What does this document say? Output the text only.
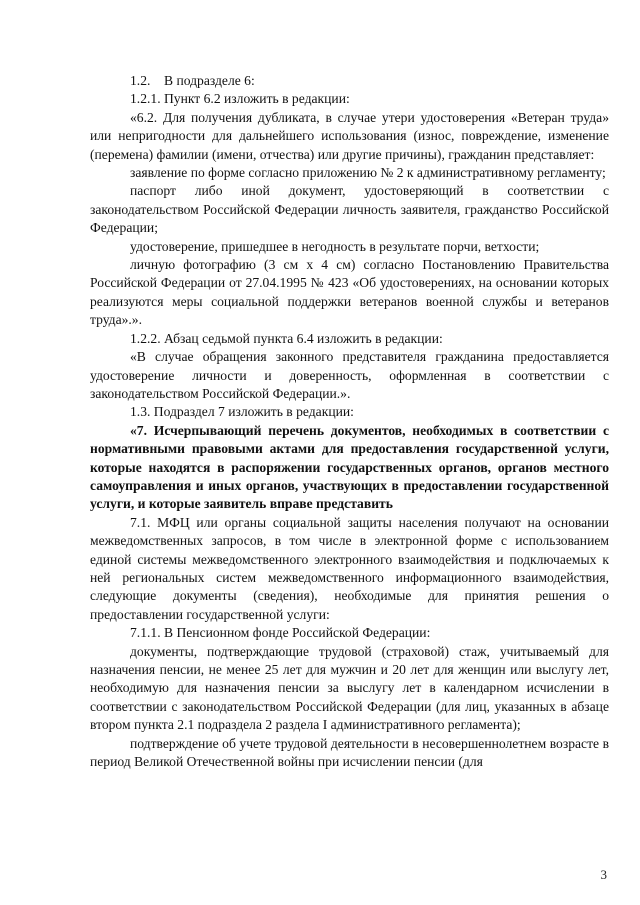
1.2.    В подразделе 6:

1.2.1. Пункт 6.2 изложить в редакции:

«6.2. Для получения дубликата, в случае утери удостоверения «Ветеран труда» или непригодности для дальнейшего использования (износ, повреждение, изменение (перемена) фамилии (имени, отчества) или другие причины), гражданин представляет:

заявление по форме согласно приложению № 2 к административному регламенту;

паспорт либо иной документ, удостоверяющий в соответствии с законодательством Российской Федерации личность заявителя, гражданство Российской Федерации;

удостоверение, пришедшее в негодность в результате порчи, ветхости;

личную фотографию (3 см х 4 см) согласно Постановлению Правительства Российской Федерации от 27.04.1995 № 423 «Об удостоверениях, на основании которых реализуются меры социальной поддержки ветеранов военной службы и ветеранов труда».».

1.2.2. Абзац седьмой пункта 6.4 изложить в редакции:

«В случае обращения законного представителя гражданина предоставляется удостоверение личности и доверенность, оформленная в соответствии с законодательством Российской Федерации.».

1.3. Подраздел 7 изложить в редакции:

«7. Исчерпывающий перечень документов, необходимых в соответствии с нормативными правовыми актами для предоставления государственной услуги, которые находятся в распоряжении государственных органов, органов местного самоуправления и иных органов, участвующих в предоставлении государственной услуги, и которые заявитель вправе представить

7.1. МФЦ или органы социальной защиты населения получают на основании межведомственных запросов, в том числе в электронной форме с использованием единой системы межведомственного электронного взаимодействия и подключаемых к ней региональных систем межведомственного информационного взаимодействия, следующие документы (сведения), необходимые для принятия решения о предоставлении государственной услуги:

7.1.1. В Пенсионном фонде Российской Федерации:

документы, подтверждающие трудовой (страховой) стаж, учитываемый для назначения пенсии, не менее 25 лет для мужчин и 20 лет для женщин или выслугу лет, необходимую для назначения пенсии за выслугу лет в календарном исчислении в соответствии с законодательством Российской Федерации (для лиц, указанных в абзаце втором пункта 2.1 подраздела 2 раздела I административного регламента);

подтверждение об учете трудовой деятельности в несовершеннолетнем возрасте в период Великой Отечественной войны при исчислении пенсии (для

3
